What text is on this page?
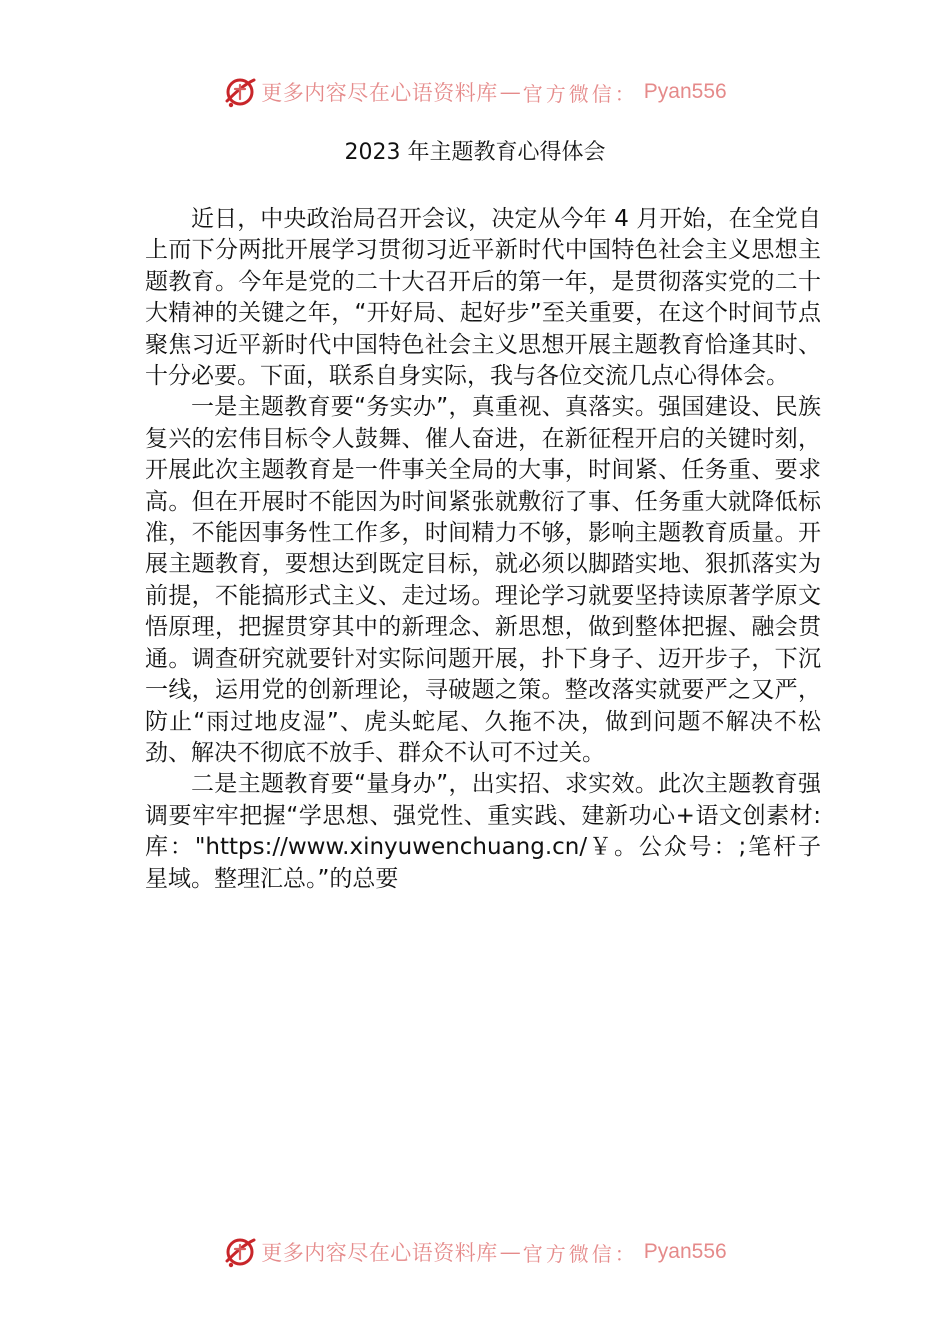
更多内容尽在心语资料库 — 官方微信： Pyan556
2023 年主题教育心得体会

近日，中央政治局召开会议，决定从今年 4 月开始，在全党自上而下分两批开展学习贯彻习近平新时代中国特色社会主义思想主题教育。今年是党的二十大召开后的第一年，是贯彻落实党的二十大精神的关键之年，“开好局、起好步”至关重要，在这个时间节点聚焦习近平新时代中国特色社会主义思想开展主题教育恰逢其时、十分必要。下面，联系自身实际，我与各位交流几点心得体会。

一是主题教育要“务实办”，真重视、真落实。强国建设、民族复兴的宏伟目标令人鼓舞、催人奋进，在新征程开启的关键时刻，开展此次主题教育是一件事关全局的大事，时间紧、任务重、要求高。但在开展时不能因为时间紧张就敷衍了事、任务重大就降低标准，不能因事务性工作多，时间精力不够，影响主题教育质量。开展主题教育，要想达到既定目标，就必须以脚踏实地、狠抓落实为前提，不能搞形式主义、走过场。理论学习就要坚持读原著学原文悟原理，把握贯穿其中的新理念、新思想，做到整体把握、融会贯通。调查研究就要针对实际问题开展，扑下身子、迈开步子，下沉一线，运用党的创新理论，寻破题之策。整改落实就要严之又严，防止“雨过地皮湿”、虎头蛇尾、久拖不决，做到问题不解决不松劲、解决不彻底不放手、群众不认可不过关。

二是主题教育要“量身办”，出实招、求实效。此次主题教育强调要牢牢把握“学思想、强党性、重实践、建新功心+语文创素材:库："https://www.xinyuwenchuang.cn/￥。公众号：;笔杆子星域。整理汇总。”的总要

更多内容尽在心语资料库 — 官方微信： Pyan556
